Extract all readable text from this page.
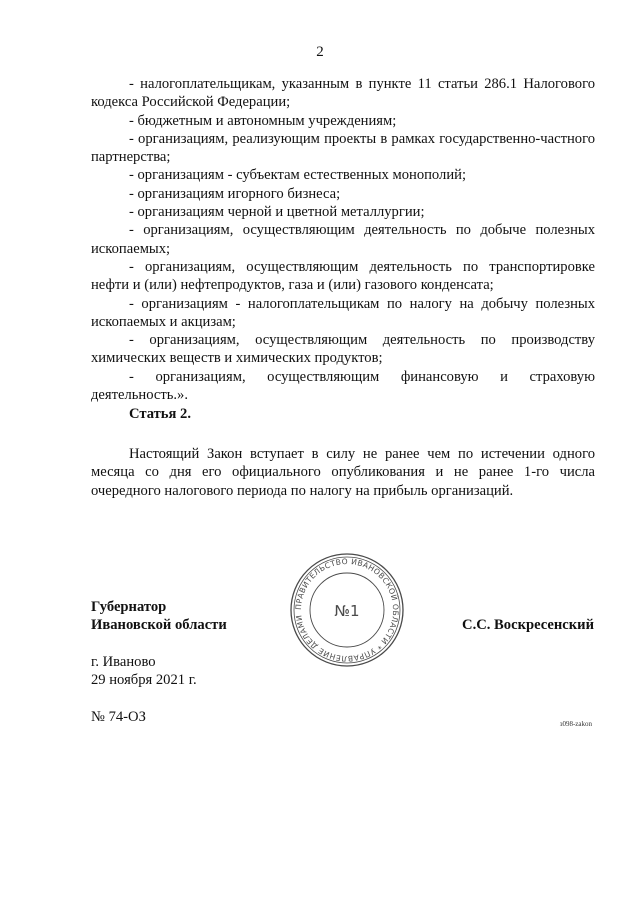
2

- налогоплательщикам, указанным в пункте 11 статьи 286.1 Налогового кодекса Российской Федерации;

- бюджетным и автономным учреждениям;

- организациям, реализующим проекты в рамках государственно-частного партнерства;

- организациям - субъектам естественных монополий;

- организациям игорного бизнеса;

- организациям черной и цветной металлургии;

- организациям, осуществляющим деятельность по добыче полезных ископаемых;

- организациям, осуществляющим деятельность по транспортировке нефти и (или) нефтепродуктов, газа и (или) газового конденсата;

- организациям - налогоплательщикам по налогу на добычу полезных ископаемых и акцизам;

- организациям, осуществляющим деятельность по производству химических веществ и химических продуктов;

- организациям, осуществляющим финансовую и страховую деятельность.».

Статья 2.

Настоящий Закон вступает в силу не ранее чем по истечении одного месяца со дня его официального опубликования и не ранее 1-го числа очередного налогового периода по налогу на прибыль организаций.

ПРАВИТЕЛЬСТВО ИВАНОВСКОЙ ОБЛАСТИ * УПРАВЛЕНИЕ ДЕЛАМИ	№1
Губернатор
Ивановской области	С.С. Воскресенский
г. Иваново
29 ноября 2021 г.
№ 74-ОЗ	з098-zakon
